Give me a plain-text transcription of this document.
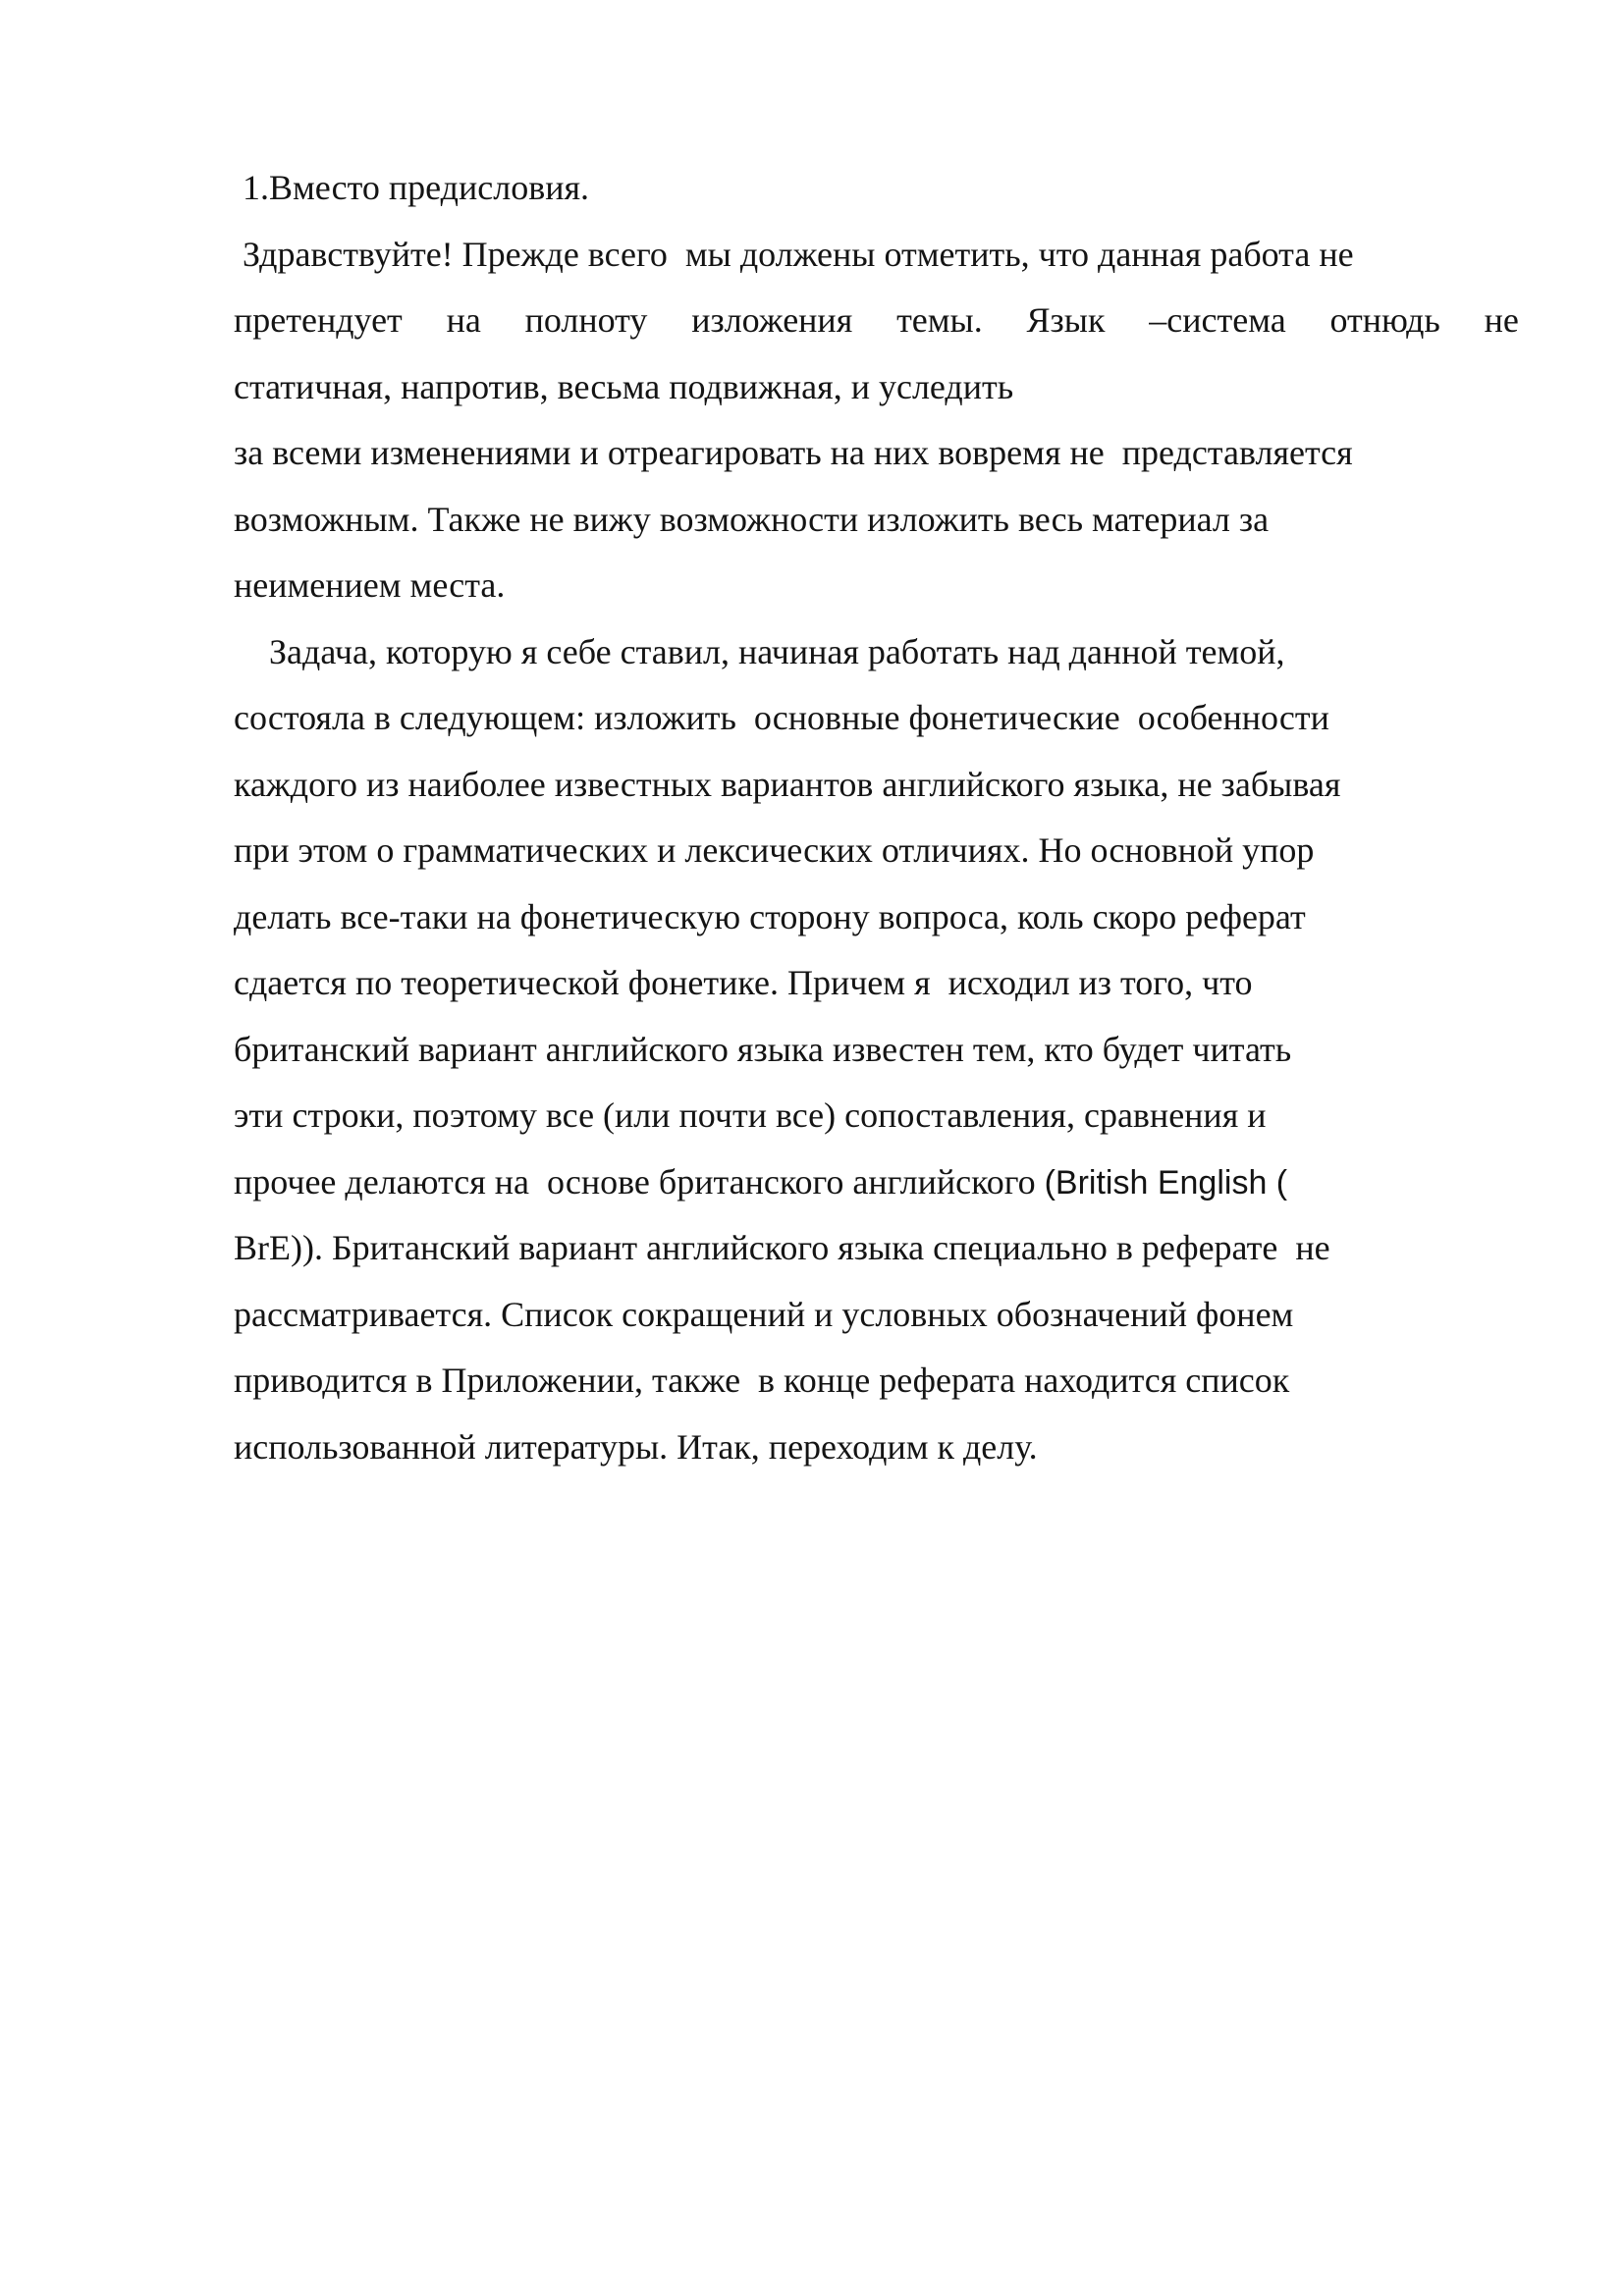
1.Вместо предисловия.

Здравствуйте! Прежде всего  мы должены отметить, что данная работа не

претендует на полноту изложения темы. Язык –система отнюдь не

статичная, напротив, весьма подвижная, и уследить

за всеми изменениями и отреагировать на них вовремя не  представляется

возможным. Также не вижу возможности изложить весь материал за

неимением места.

Задача, которую я себе ставил, начиная работать над данной темой,

состояла в следующем: изложить  основные фонетические  особенности

каждого из наиболее известных вариантов английского языка, не забывая

при этом о грамматических и лексических отличиях. Но основной упор

делать все-таки на фонетическую сторону вопроса, коль скоро реферат

сдается по теоретической фонетике. Причем я  исходил из того, что

британский вариант английского языка известен тем, кто будет читать

эти строки, поэтому все (или почти все) сопоставления, сравнения и

прочее делаются на  основе британского английского (British English (

BrE)). Британский вариант английского языка специально в реферате  не

рассматривается. Список сокращений и условных обозначений фонем

приводится в Приложении, также  в конце реферата находится список

использованной литературы. Итак, переходим к делу.
